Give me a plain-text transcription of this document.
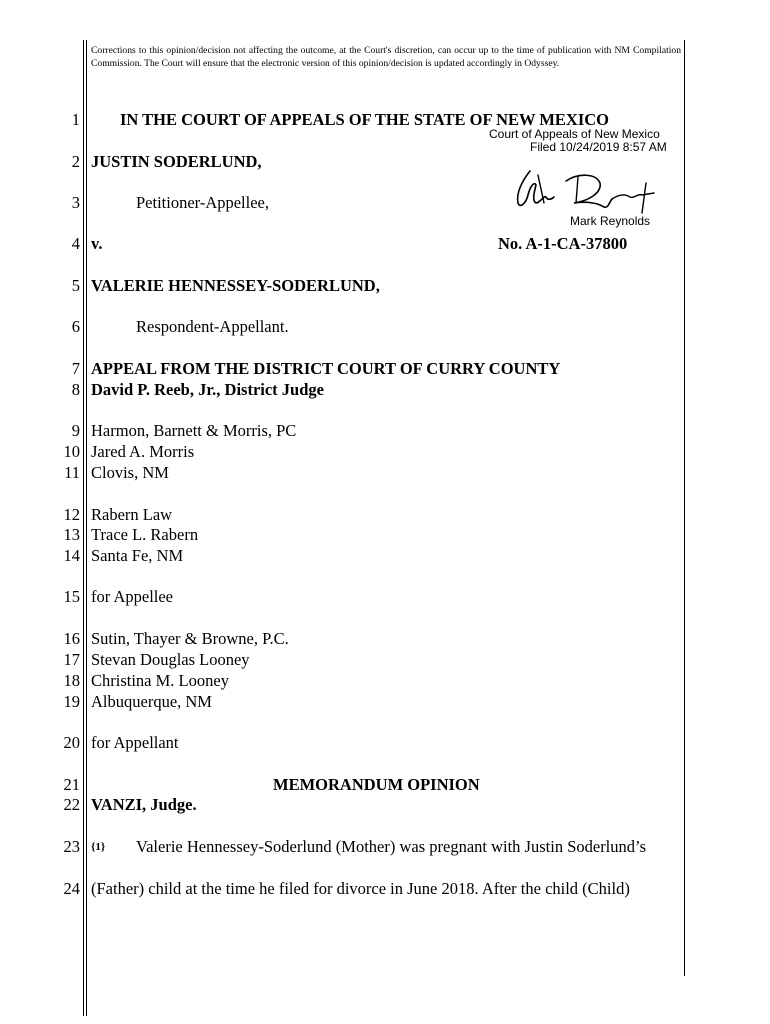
Corrections to this opinion/decision not affecting the outcome, at the Court's discretion, can occur up to the time of publication with NM Compilation Commission. The Court will ensure that the electronic version of this opinion/decision is updated accordingly in Odyssey.
1
2
3
4
5
6
7
8
9
10
11
12
13
14
15
16
17
18
19
20
21
22
23
24
IN THE COURT OF APPEALS OF THE STATE OF NEW MEXICO
Court of Appeals of New Mexico
Filed 10/24/2019 8:57 AM
JUSTIN SODERLUND,
Petitioner-Appellee,
Mark Reynolds
v.	No. A-1-CA-37800
VALERIE HENNESSEY-SODERLUND,
Respondent-Appellant.
APPEAL FROM THE DISTRICT COURT OF CURRY COUNTY
David P. Reeb, Jr., District Judge
Harmon, Barnett & Morris, PC
Jared A. Morris
Clovis, NM
Rabern Law
Trace L. Rabern
Santa Fe, NM
for Appellee
Sutin, Thayer & Browne, P.C.
Stevan Douglas Looney
Christina M. Looney
Albuquerque, NM
for Appellant
MEMORANDUM OPINION
VANZI, Judge.
{1} Valerie Hennessey-Soderlund (Mother) was pregnant with Justin Soderlund’s
(Father) child at the time he filed for divorce in June 2018. After the child (Child)
